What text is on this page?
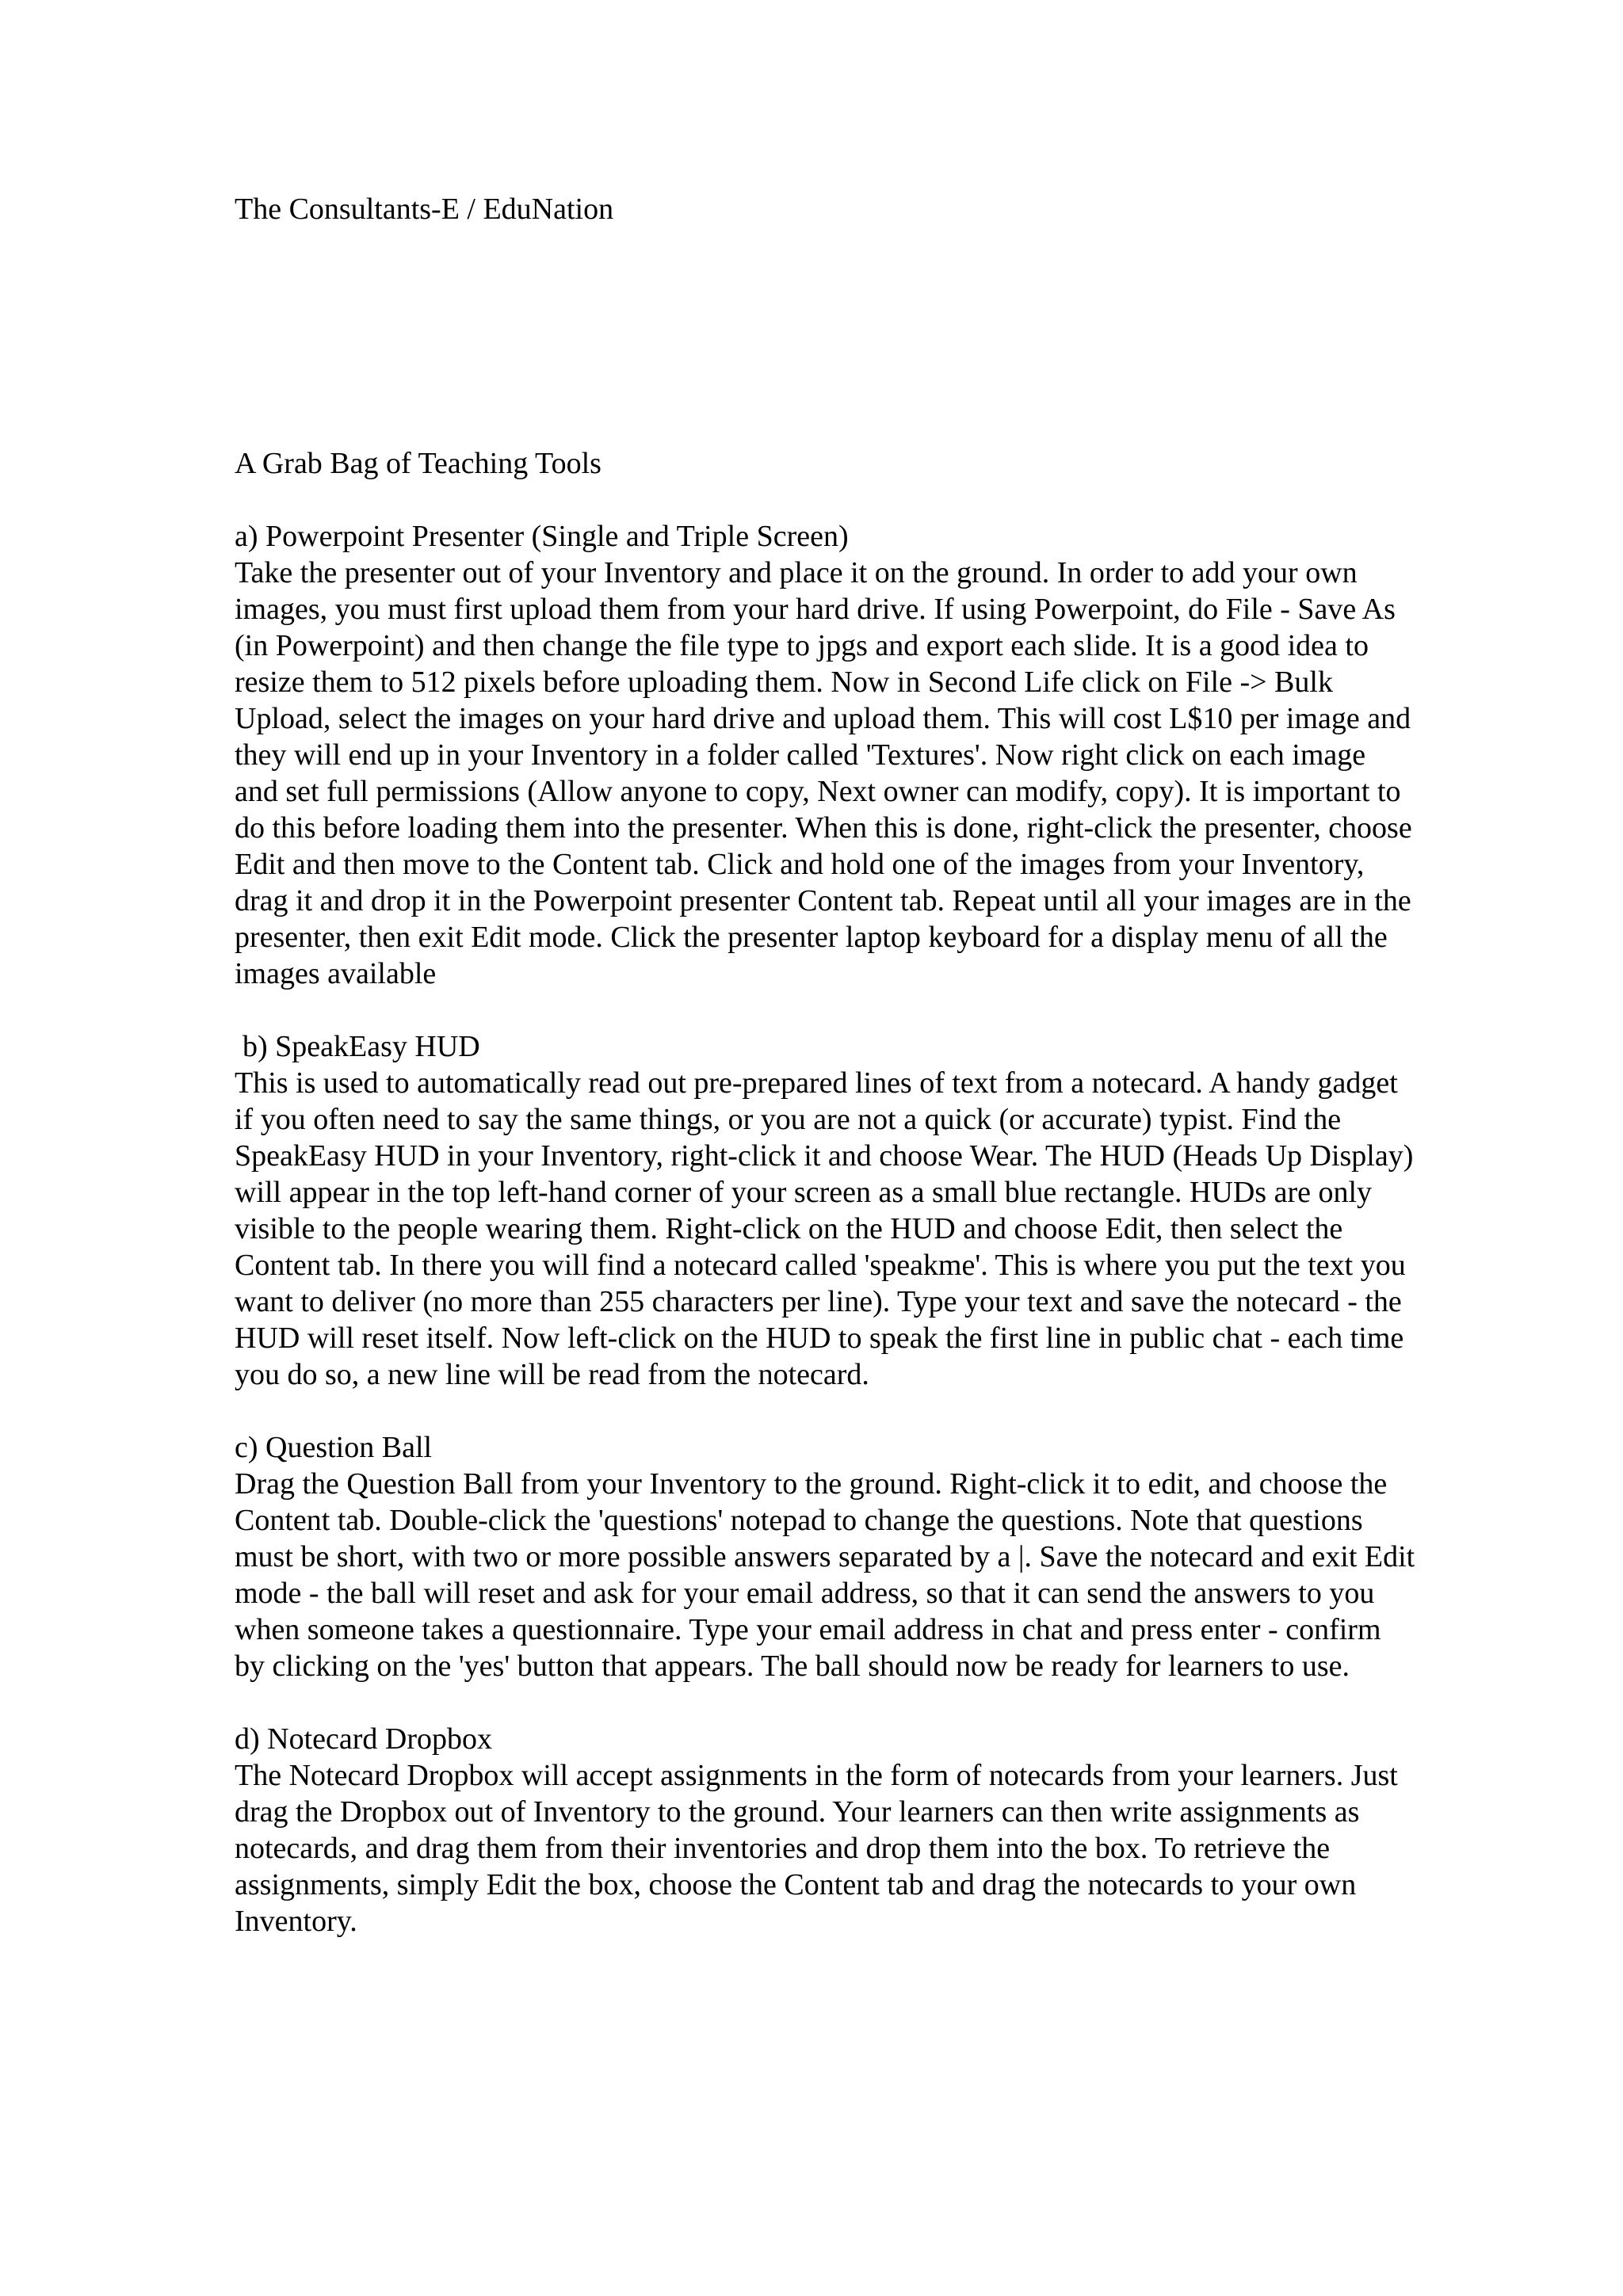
The Consultants-E / EduNation

A Grab Bag of Teaching Tools
a) Powerpoint Presenter (Single and Triple Screen)

Take the presenter out of your Inventory and place it on the ground. In order to add your own images, you must first upload them from your hard drive. If using Powerpoint, do File - Save As (in Powerpoint) and then change the file type to jpgs and export each slide. It is a good idea to resize them to 512 pixels before uploading them. Now in Second Life click on File -> Bulk Upload, select the images on your hard drive and upload them. This will cost L$10 per image and they will end up in your Inventory in a folder called 'Textures'. Now right click on each image and set full permissions (Allow anyone to copy, Next owner can modify, copy). It is important to do this before loading them into the presenter. When this is done, right-click the presenter, choose Edit and then move to the Content tab. Click and hold one of the images from your Inventory, drag it and drop it in the Powerpoint presenter Content tab. Repeat until all your images are in the presenter, then exit Edit mode. Click the presenter laptop keyboard for a display menu of all the images available

b) SpeakEasy HUD

This is used to automatically read out pre-prepared lines of text from a notecard. A handy gadget if you often need to say the same things, or you are not a quick (or accurate) typist. Find the SpeakEasy HUD in your Inventory, right-click it and choose Wear. The HUD (Heads Up Display) will appear in the top left-hand corner of your screen as a small blue rectangle. HUDs are only visible to the people wearing them. Right-click on the HUD and choose Edit, then select the Content tab. In there you will find a notecard called 'speakme'. This is where you put the text you want to deliver (no more than 255 characters per line). Type your text and save the notecard - the HUD will reset itself. Now left-click on the HUD to speak the first line in public chat - each time you do so, a new line will be read from the notecard.

c) Question Ball

Drag the Question Ball from your Inventory to the ground. Right-click it to edit, and choose the Content tab. Double-click the 'questions' notepad to change the questions. Note that questions must be short, with two or more possible answers separated by a |. Save the notecard and exit Edit mode - the ball will reset and ask for your email address, so that it can send the answers to you when someone takes a questionnaire. Type your email address in chat and press enter - confirm by clicking on the 'yes' button that appears. The ball should now be ready for learners to use.

d) Notecard Dropbox

The Notecard Dropbox will accept assignments in the form of notecards from your learners. Just drag the Dropbox out of Inventory to the ground. Your learners can then write assignments as notecards, and drag them from their inventories and drop them into the box. To retrieve the assignments, simply Edit the box, choose the Content tab and drag the notecards to your own Inventory.
